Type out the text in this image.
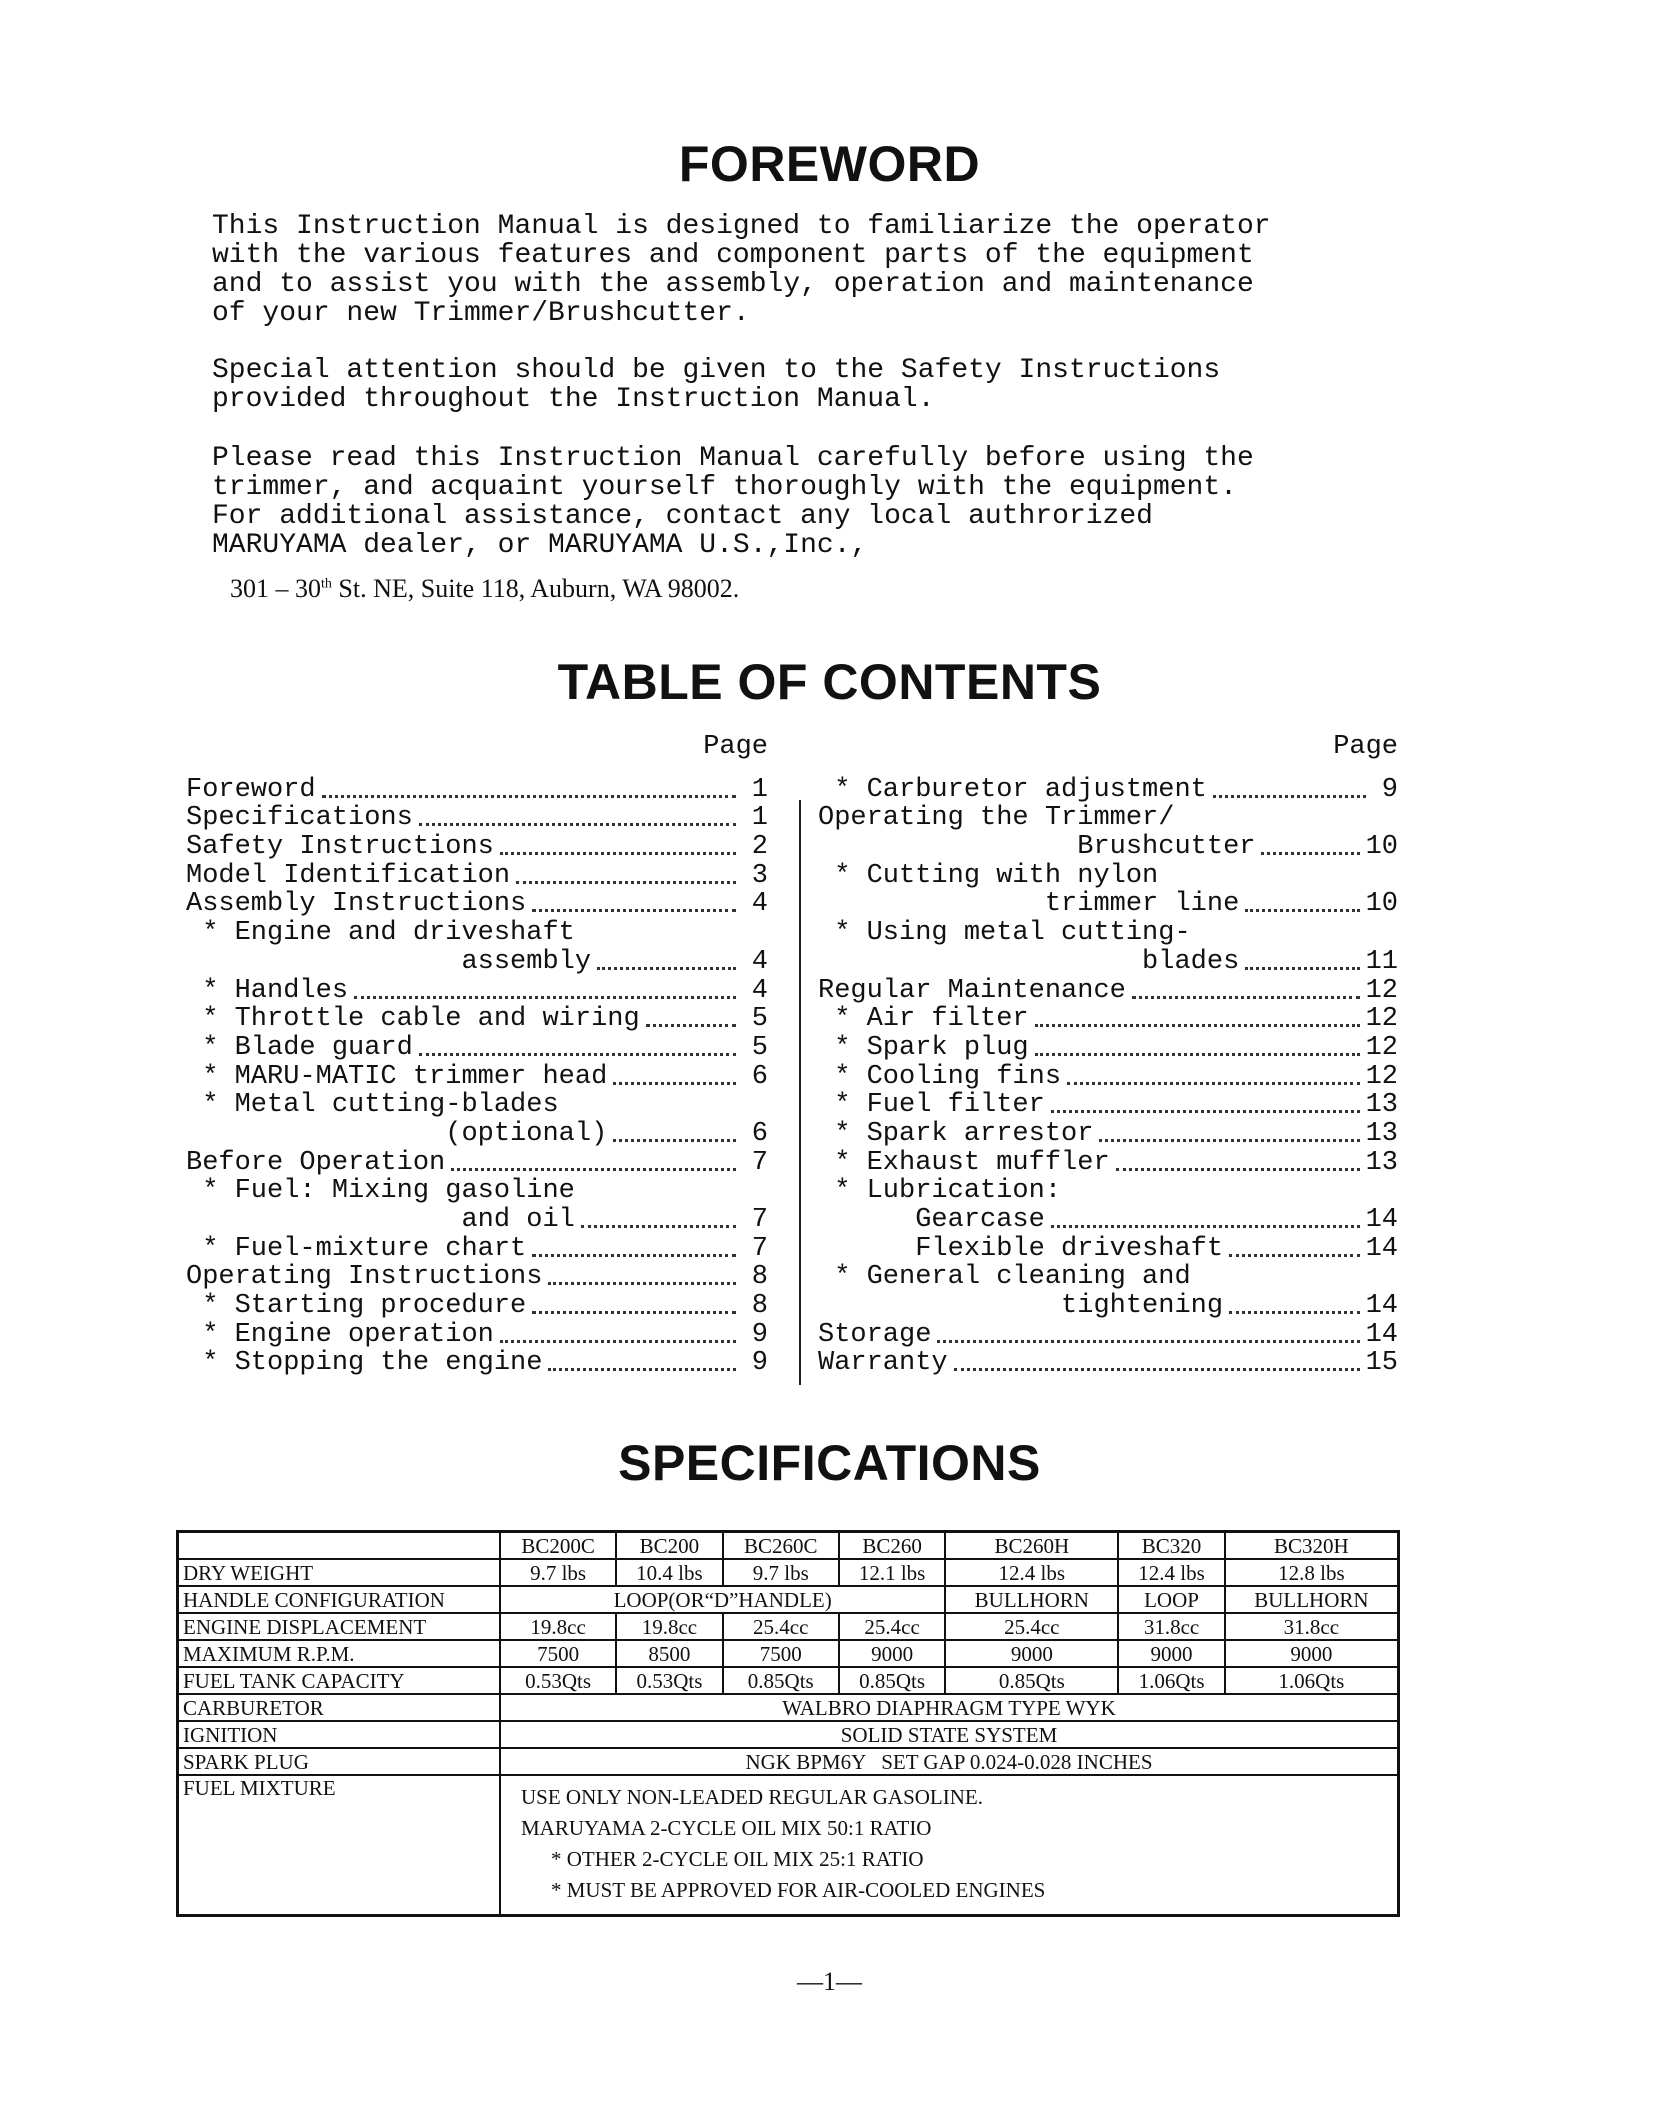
FOREWORD

This Instruction Manual is designed to familiarize the operator
with the various features and component parts of the equipment
and to assist you with the assembly, operation and maintenance
of your new Trimmer/Brushcutter.

Special attention should be given to the Safety Instructions
provided throughout the Instruction Manual.

Please read this Instruction Manual carefully before using the
trimmer, and acquaint yourself thoroughly with the equipment.
For additional assistance, contact any local authrorized
MARUYAMA dealer, or MARUYAMA U.S.,Inc.,

301 – 30th St. NE, Suite 118, Auburn, WA 98002.
TABLE OF CONTENTS
Page
Foreword	1
Specifications	1
Safety Instructions	2
Model Identification	3
Assembly Instructions	4
* Engine and driveshaft
assembly	4
* Handles	4
* Throttle cable and wiring	5
* Blade guard	5
* MARU-MATIC trimmer head	6
* Metal cutting-blades
(optional)	6
Before Operation	7
* Fuel: Mixing gasoline
and oil	7
* Fuel-mixture chart	7
Operating Instructions	8
* Starting procedure	8
* Engine operation	9
* Stopping the engine	9
Page
* Carburetor adjustment	9
Operating the Trimmer/
Brushcutter	10
* Cutting with nylon
trimmer line	10
* Using metal cutting-
blades	11
Regular Maintenance	12
* Air filter	12
* Spark plug	12
* Cooling fins	12
* Fuel filter	13
* Spark arrestor	13
* Exhaust muffler	13
* Lubrication:
Gearcase	14
Flexible driveshaft	14
* General cleaning and
tightening	14
Storage	14
Warranty	15
SPECIFICATIONS
	BC200C	BC200	BC260C	BC260	BC260H	BC320	BC320H
DRY WEIGHT	9.7 lbs	10.4 lbs	9.7 lbs	12.1 lbs	12.4 lbs	12.4 lbs	12.8 lbs
HANDLE CONFIGURATION	LOOP(OR“D”HANDLE)				BULLHORN	LOOP	BULLHORN
ENGINE DISPLACEMENT	19.8cc	19.8cc	25.4cc	25.4cc	25.4cc	31.8cc	31.8cc
MAXIMUM R.P.M.	7500	8500	7500	9000	9000	9000	9000
FUEL TANK CAPACITY	0.53Qts	0.53Qts	0.85Qts	0.85Qts	0.85Qts	1.06Qts	1.06Qts
CARBURETOR	WALBRO DIAPHRAGM TYPE WYK						
IGNITION	SOLID STATE SYSTEM						
SPARK PLUG	NGK BPM6Y   SET GAP 0.024-0.028 INCHES						
FUEL MIXTURE	USE ONLY NON-LEADED REGULAR GASOLINE.
MARUYAMA 2-CYCLE OIL MIX 50:1 RATIO
* OTHER 2-CYCLE OIL MIX 25:1 RATIO
* MUST BE APPROVED FOR AIR-COOLED ENGINES						
—1—
